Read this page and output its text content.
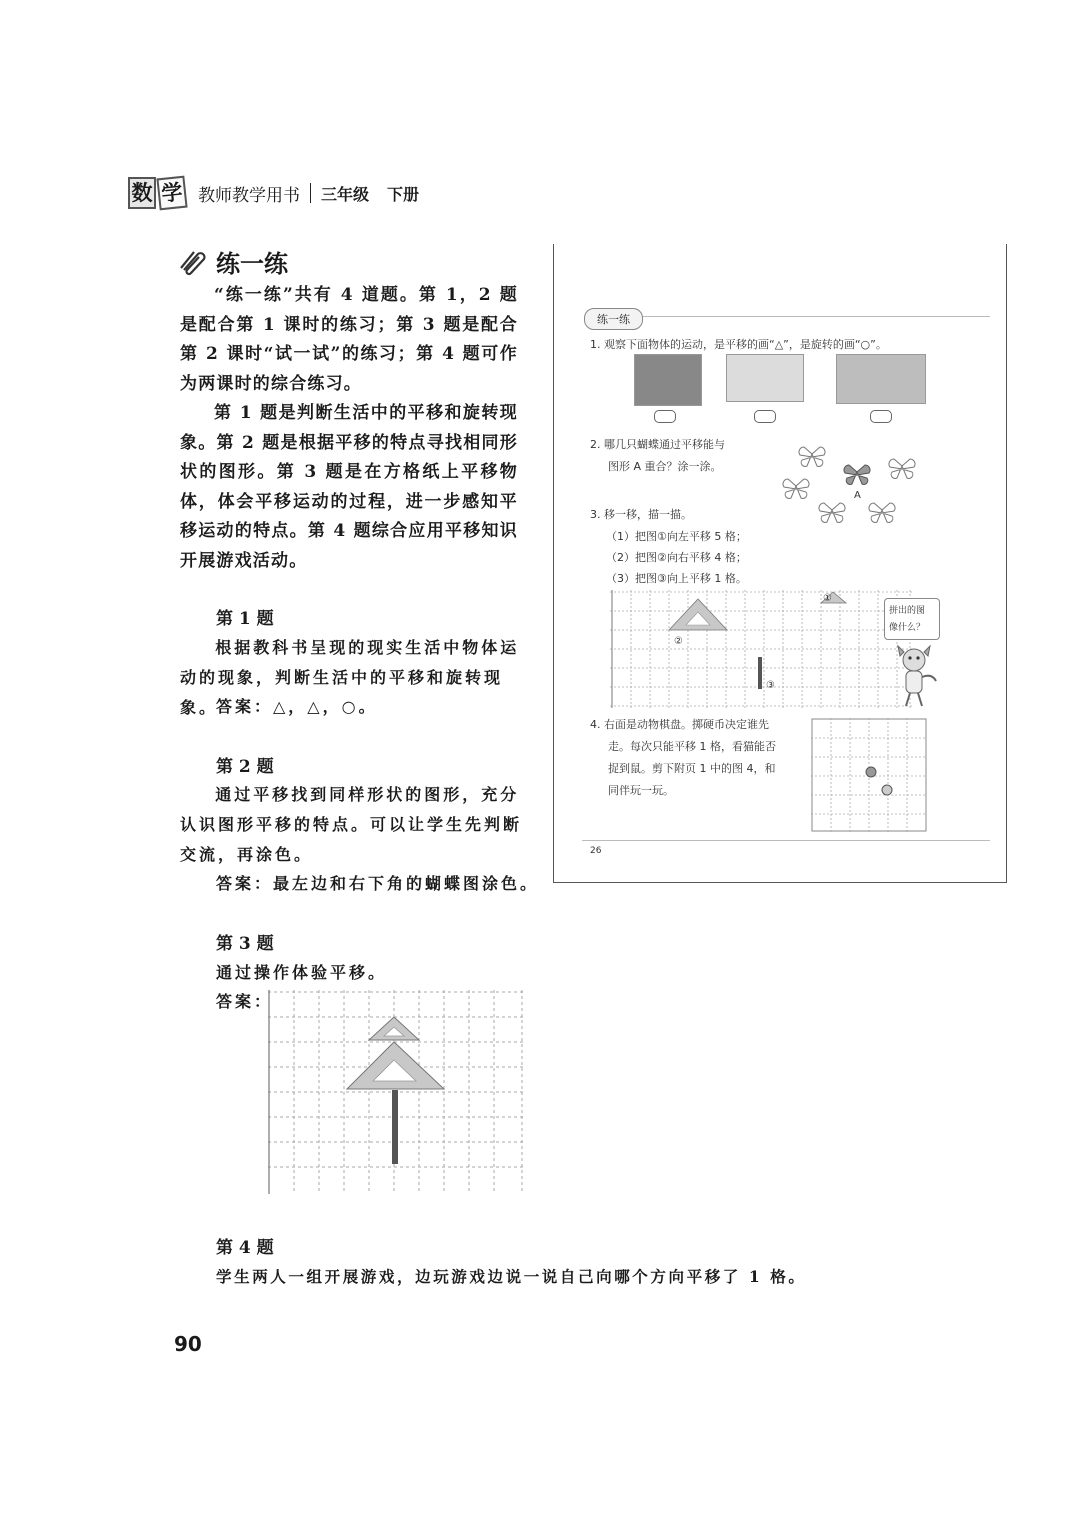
数 学 教师教学用书 三年级 下册
练一练
“练一练”共有 4 道题。第 1，2 题是配合第 1 课时的练习；第 3 题是配合第 2 课时“试一试”的练习；第 4 题可作为两课时的综合练习。
第 1 题是判断生活中的平移和旋转现象。第 2 题是根据平移的特点寻找相同形状的图形。第 3 题是在方格纸上平移物体，体会平移运动的过程，进一步感知平移运动的特点。第 4 题综合应用平移知识开展游戏活动。
第 1 题
根据教科书呈现的现实生活中物体运动的现象，判断生活中的平移和旋转现象。
答案：△，△，○。
第 2 题
通过平移找到同样形状的图形，充分认识图形平移的特点。可以让学生先判断交流，再涂色。
答案：最左边和右下角的蝴蝶图涂色。
第 3 题
通过操作体验平移。
答案：
第 4 题
学生两人一组开展游戏，边玩游戏边说一说自己向哪个方向平移了 1 格。
90
练一练
1. 观察下面物体的运动，是平移的画“△”，是旋转的画“○”。
2. 哪几只蝴蝶通过平移能与
图形 A 重合？涂一涂。
A
3. 移一移，描一描。
（1）把图①向左平移 5 格；
（2）把图②向右平移 4 格；
（3）把图③向上平移 1 格。
①
②
③
拼出的图
像什么？
4. 右面是动物棋盘。掷硬币决定谁先
走。每次只能平移 1 格，看猫能否
捉到鼠。剪下附页 1 中的图 4，和
同伴玩一玩。
26
